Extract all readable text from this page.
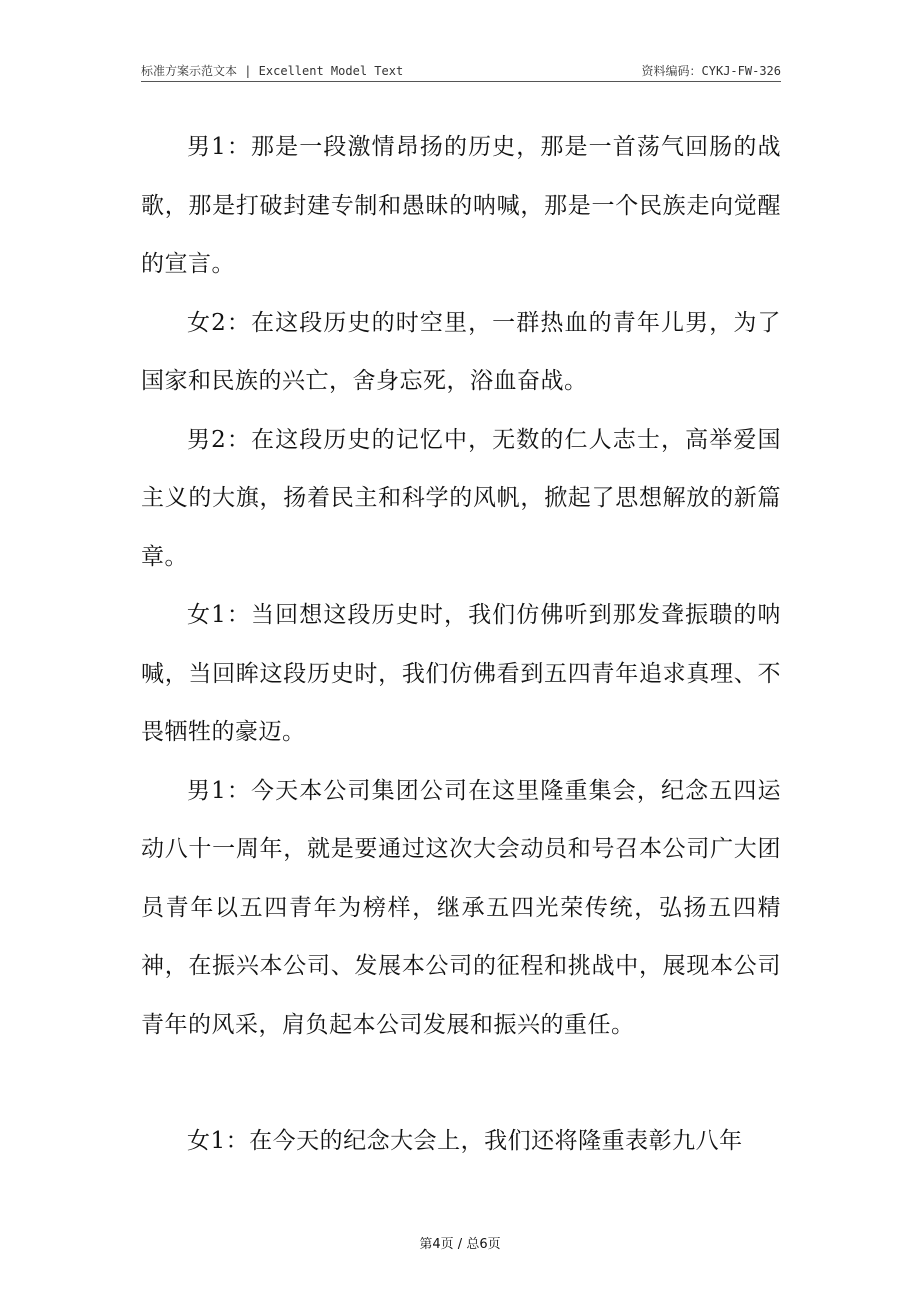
标准方案示范文本 | Excellent Model Text	资料编码：CYKJ-FW-326

男1：那是一段激情昂扬的历史，那是一首荡气回肠的战歌，那是打破封建专制和愚昧的呐喊，那是一个民族走向觉醒的宣言。

女2：在这段历史的时空里，一群热血的青年儿男，为了国家和民族的兴亡，舍身忘死，浴血奋战。

男2：在这段历史的记忆中，无数的仁人志士，高举爱国主义的大旗，扬着民主和科学的风帆，掀起了思想解放的新篇章。

女1：当回想这段历史时，我们仿佛听到那发聋振聩的呐喊，当回眸这段历史时，我们仿佛看到五四青年追求真理、不畏牺牲的豪迈。

男1：今天本公司集团公司在这里隆重集会，纪念五四运动八十一周年，就是要通过这次大会动员和号召本公司广大团员青年以五四青年为榜样，继承五四光荣传统，弘扬五四精神，在振兴本公司、发展本公司的征程和挑战中，展现本公司青年的风采，肩负起本公司发展和振兴的重任。

女1：在今天的纪念大会上，我们还将隆重表彰九八年

第4页 / 总6页
